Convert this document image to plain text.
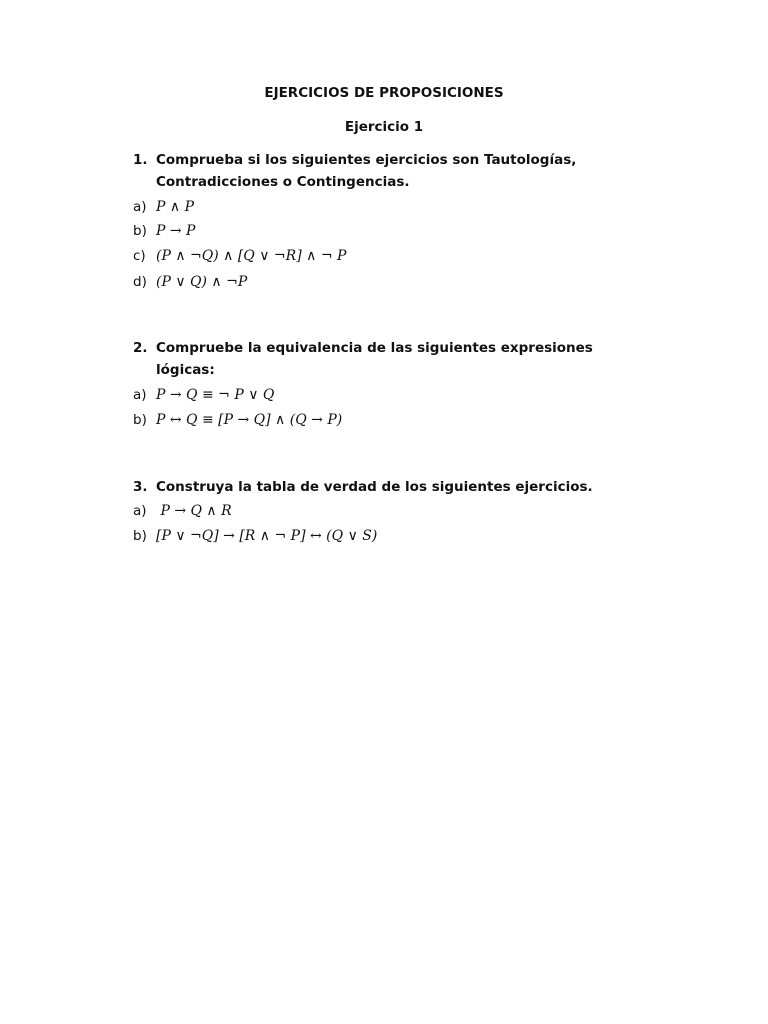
EJERCICIOS DE PROPOSICIONES
Ejercicio 1
1. Comprueba si los siguientes ejercicios son Tautologías, Contradicciones o Contingencias.
a) P ∧ P
b) P → P
c) (P ∧ ¬Q) ∧ [Q ∨ ¬R] ∧ ¬ P
d) (P ∨ Q) ∧ ¬P
2. Compruebe la equivalencia de las siguientes expresiones lógicas:
a) P → Q ≡ ¬ P ∨ Q
b) P ↔ Q ≡ [P → Q] ∧ (Q → P)
3. Construya la tabla de verdad de los siguientes ejercicios.
a) P → Q ∧ R
b) [P ∨ ¬Q] → [R ∧ ¬ P] ↔ (Q ∨ S)
